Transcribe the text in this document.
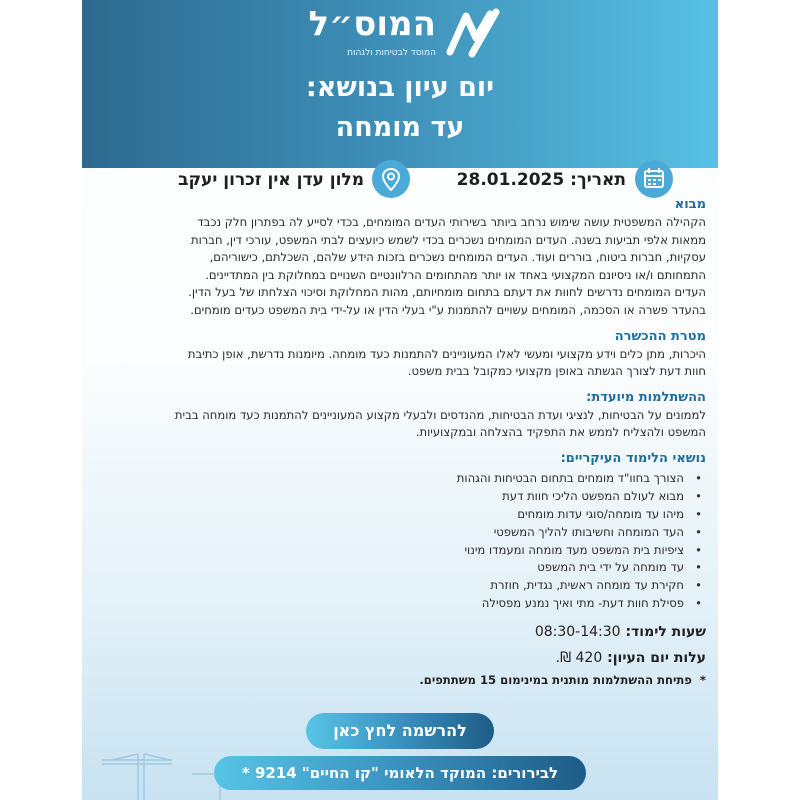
המוס״ל
המוסד לבטיחות ולגהות
יום עיון בנושא:
עד מומחה
תאריך: 28.01.2025
מלון עדן אין זכרון יעקב

מבוא

הקהילה המשפטית עושה שימוש נרחב ביותר בשירותי העדים המומחים, בכדי לסייע לה בפתרון חלק נכבד

ממאות אלפי תביעות בשנה. העדים המומחים נשכרים בכדי לשמש כיועצים לבתי המשפט, עורכי דין, חברות

עסקיות, חברות ביטוח, בוררים ועוד. העדים המומחים נשכרים בזכות הידע שלהם, השכלתם, כישוריהם,

התמחותם ו/או ניסיונם המקצועי באחד או יותר מהתחומים הרלוונטיים השנויים במחלוקת בין המתדיינים.

העדים המומחים נדרשים לחוות את דעתם בתחום מומחיותם, מהות המחלוקת וסיכוי הצלחתו של בעל הדין.

בהעדר פשרה או הסכמה, המומחים עשויים להתמנות ע"י בעלי הדין או על-ידי בית המשפט כעדים מומחים.

מטרת ההכשרה

היכרות, מתן כלים וידע מקצועי ומעשי לאלו המעוניינים להתמנות כעד מומחה. מיומנות נדרשת, אופן כתיבת

חוות דעת לצורך הגשתה באופן מקצועי כמקובל בבית משפט.

ההשתלמות מיועדת:

לממונים על הבטיחות, לנציגי ועדת הבטיחות, מהנדסים ולבעלי מקצוע המעוניינים להתמנות כעד מומחה בבית

המשפט ולהצליח לממש את התפקיד בהצלחה ובמקצועיות.

נושאי הלימוד העיקריים:

• הצורך בחוו"ד מומחים בתחום הבטיחות והגהות
• מבוא לעולם המפשט הליכי חוות דעת
• מיהו עד מומחה/סוגי עדות מומחים
• העד המומחה וחשיבותו להליך המשפטי
• ציפיות בית המשפט מעד מומחה ומעמדו מינוי
• עד מומחה על ידי בית המשפט
• חקירת עד מומחה ראשית, נגדית, חוזרת
• פסילת חוות דעת- מתי ואיך נמנע מפסילה

שעות לימוד: 08:30-14:30

עלות יום העיון: 420 ₪.

*פתיחת ההשתלמות מותנית במינימום 15 משתתפים.

להרשמה לחץ כאן
לבירורים: המוקד הלאומי "קו החיים" 9214 *
